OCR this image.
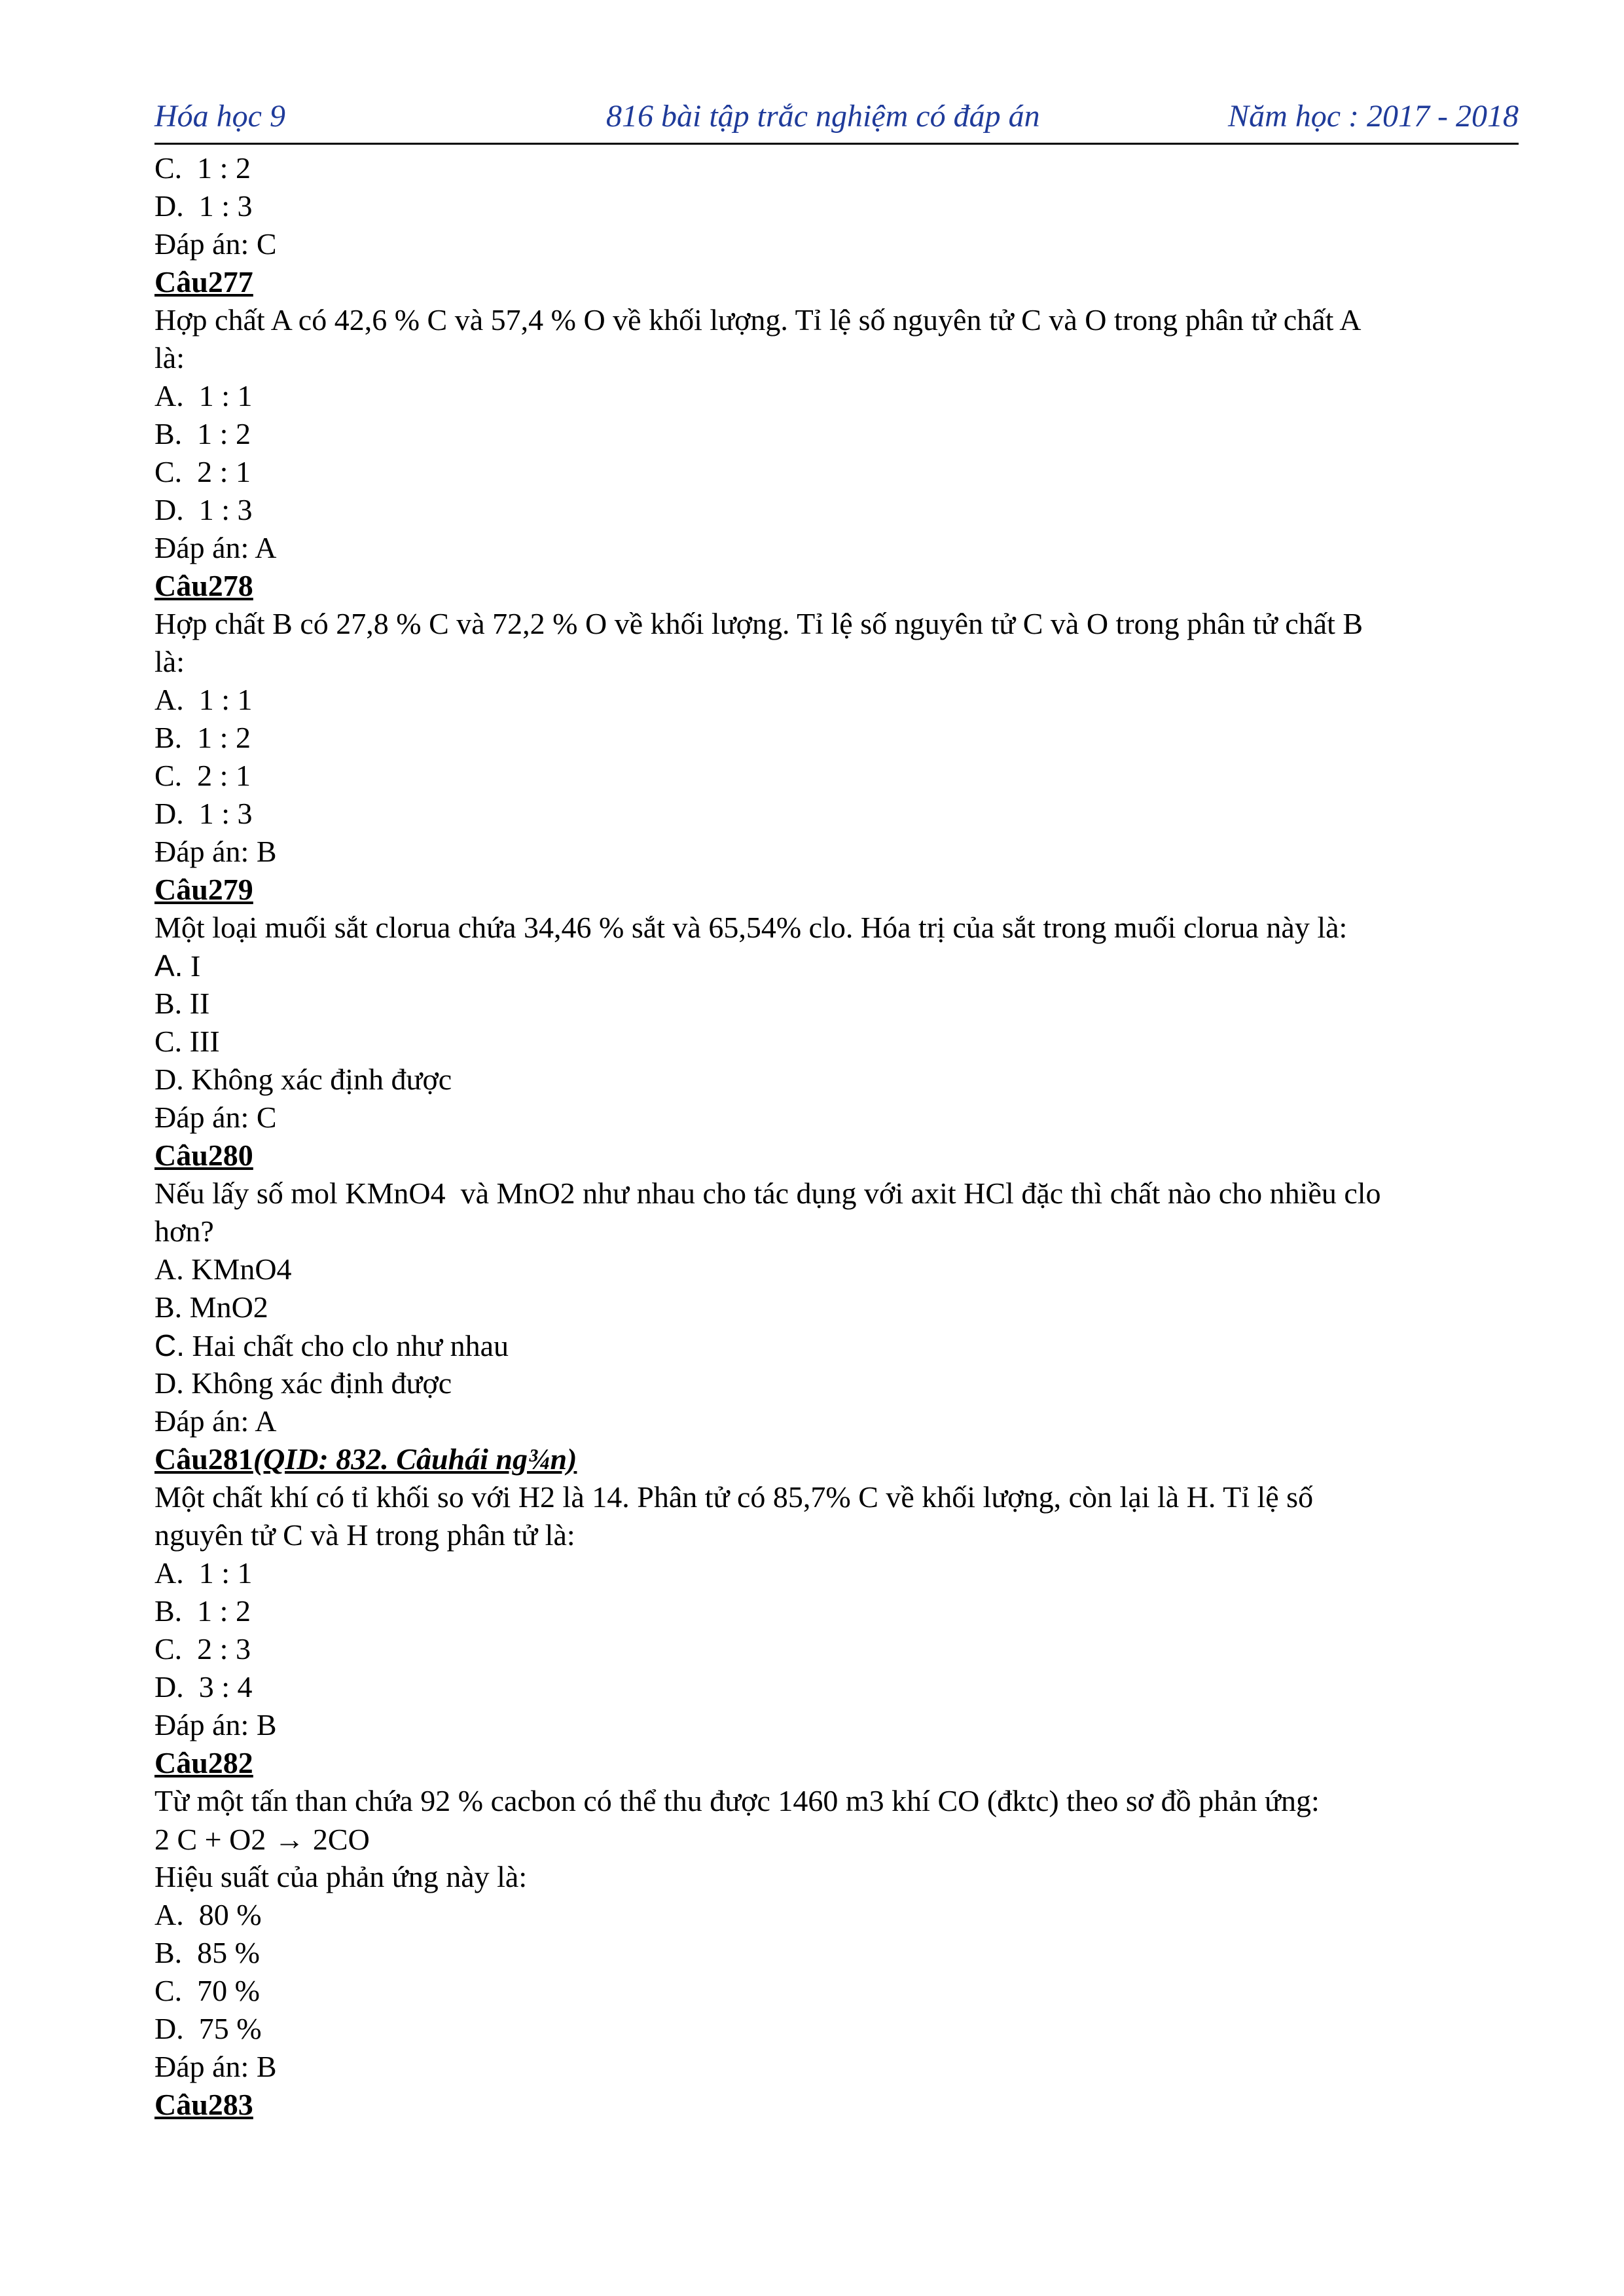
Hóa học 9	816 bài tập trắc nghiệm có đáp án	Năm học : 2017 - 2018
C.  1 : 2
D.  1 : 3
Đáp án: C
Câu277
Hợp chất A có 42,6 % C và 57,4 % O về khối lượng. Tỉ lệ số nguyên tử C và O trong phân tử chất A
là:
A.  1 : 1
B.  1 : 2
C.  2 : 1
D.  1 : 3
Đáp án: A
Câu278
Hợp chất B có 27,8 % C và 72,2 % O về khối lượng. Tỉ lệ số nguyên tử C và O trong phân tử chất B
là:
A.  1 : 1
B.  1 : 2
C.  2 : 1
D.  1 : 3
Đáp án: B
Câu279
Một loại muối sắt clorua chứa 34,46 % sắt và 65,54% clo. Hóa trị của sắt trong muối clorua này là:
A. I
B. II
C. III
D. Không xác định được
Đáp án: C
Câu280
Nếu lấy số mol KMnO4  và MnO2 như nhau cho tác dụng với axit HCl đặc thì chất nào cho nhiều clo
hơn?
A. KMnO4
B. MnO2
C. Hai chất cho clo như nhau
D. Không xác định được
Đáp án: A
Câu281(QID: 832. Câuhái ng¾n)
Một chất khí có tỉ khối so với H2 là 14. Phân tử có 85,7% C về khối lượng, còn lại là H. Tỉ lệ số
nguyên tử C và H trong phân tử là:
A.  1 : 1
B.  1 : 2
C.  2 : 3
D.  3 : 4
Đáp án: B
Câu282
Từ một tấn than chứa 92 % cacbon có thể thu được 1460 m3 khí CO (đktc) theo sơ đồ phản ứng:
2 C + O2 → 2CO
Hiệu suất của phản ứng này là:
A.  80 %
B.  85 %
C.  70 %
D.  75 %
Đáp án: B
Câu283
